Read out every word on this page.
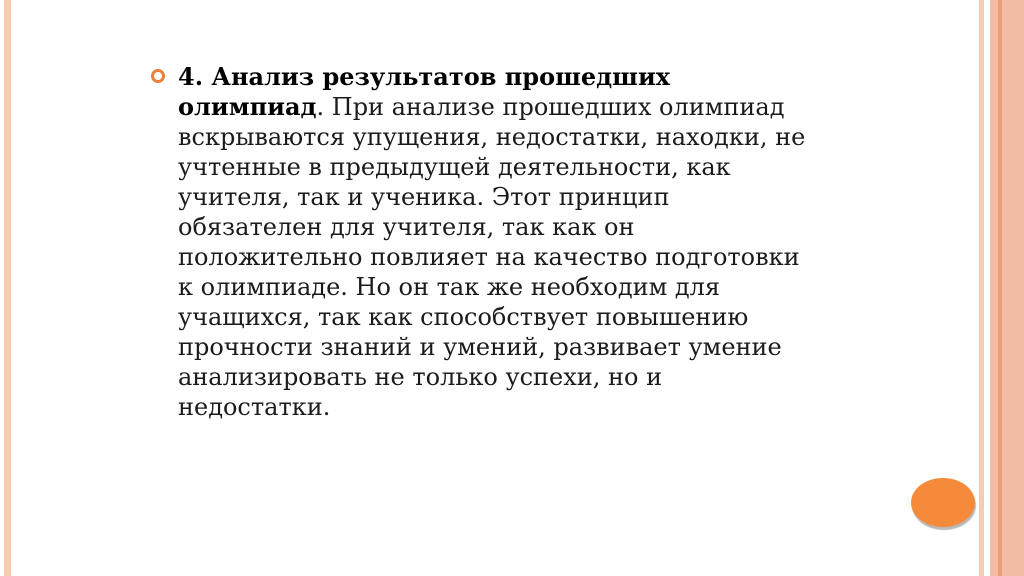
4. Анализ результатов прошедших олимпиад. При анализе прошедших олимпиад вскрываются упущения, недостатки, находки, не учтенные в предыдущей деятельности, как учителя, так и ученика. Этот принцип обязателен для учителя, так как он положительно повлияет на качество подготовки к олимпиаде. Но он так же необходим для учащихся, так как способствует повышению прочности знаний и умений, развивает умение анализировать не только успехи, но и недостатки.
